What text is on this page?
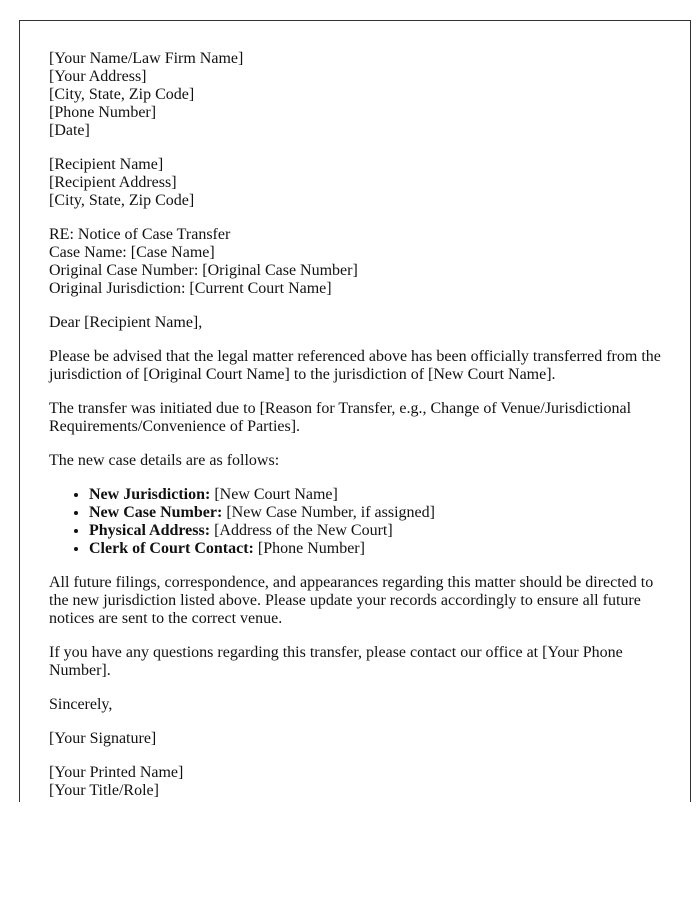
[Your Name/Law Firm Name]
[Your Address]
[City, State, Zip Code]
[Phone Number]
[Date]

[Recipient Name]
[Recipient Address]
[City, State, Zip Code]

RE: Notice of Case Transfer
Case Name: [Case Name]
Original Case Number: [Original Case Number]
Original Jurisdiction: [Current Court Name]

Dear [Recipient Name],

Please be advised that the legal matter referenced above has been officially transferred from the jurisdiction of [Original Court Name] to the jurisdiction of [New Court Name].

The transfer was initiated due to [Reason for Transfer, e.g., Change of Venue/Jurisdictional Requirements/Convenience of Parties].

The new case details are as follows:

• New Jurisdiction: [New Court Name]
• New Case Number: [New Case Number, if assigned]
• Physical Address: [Address of the New Court]
• Clerk of Court Contact: [Phone Number]

All future filings, correspondence, and appearances regarding this matter should be directed to the new jurisdiction listed above. Please update your records accordingly to ensure all future notices are sent to the correct venue.

If you have any questions regarding this transfer, please contact our office at [Your Phone Number].

Sincerely,

[Your Signature]

[Your Printed Name]
[Your Title/Role]
